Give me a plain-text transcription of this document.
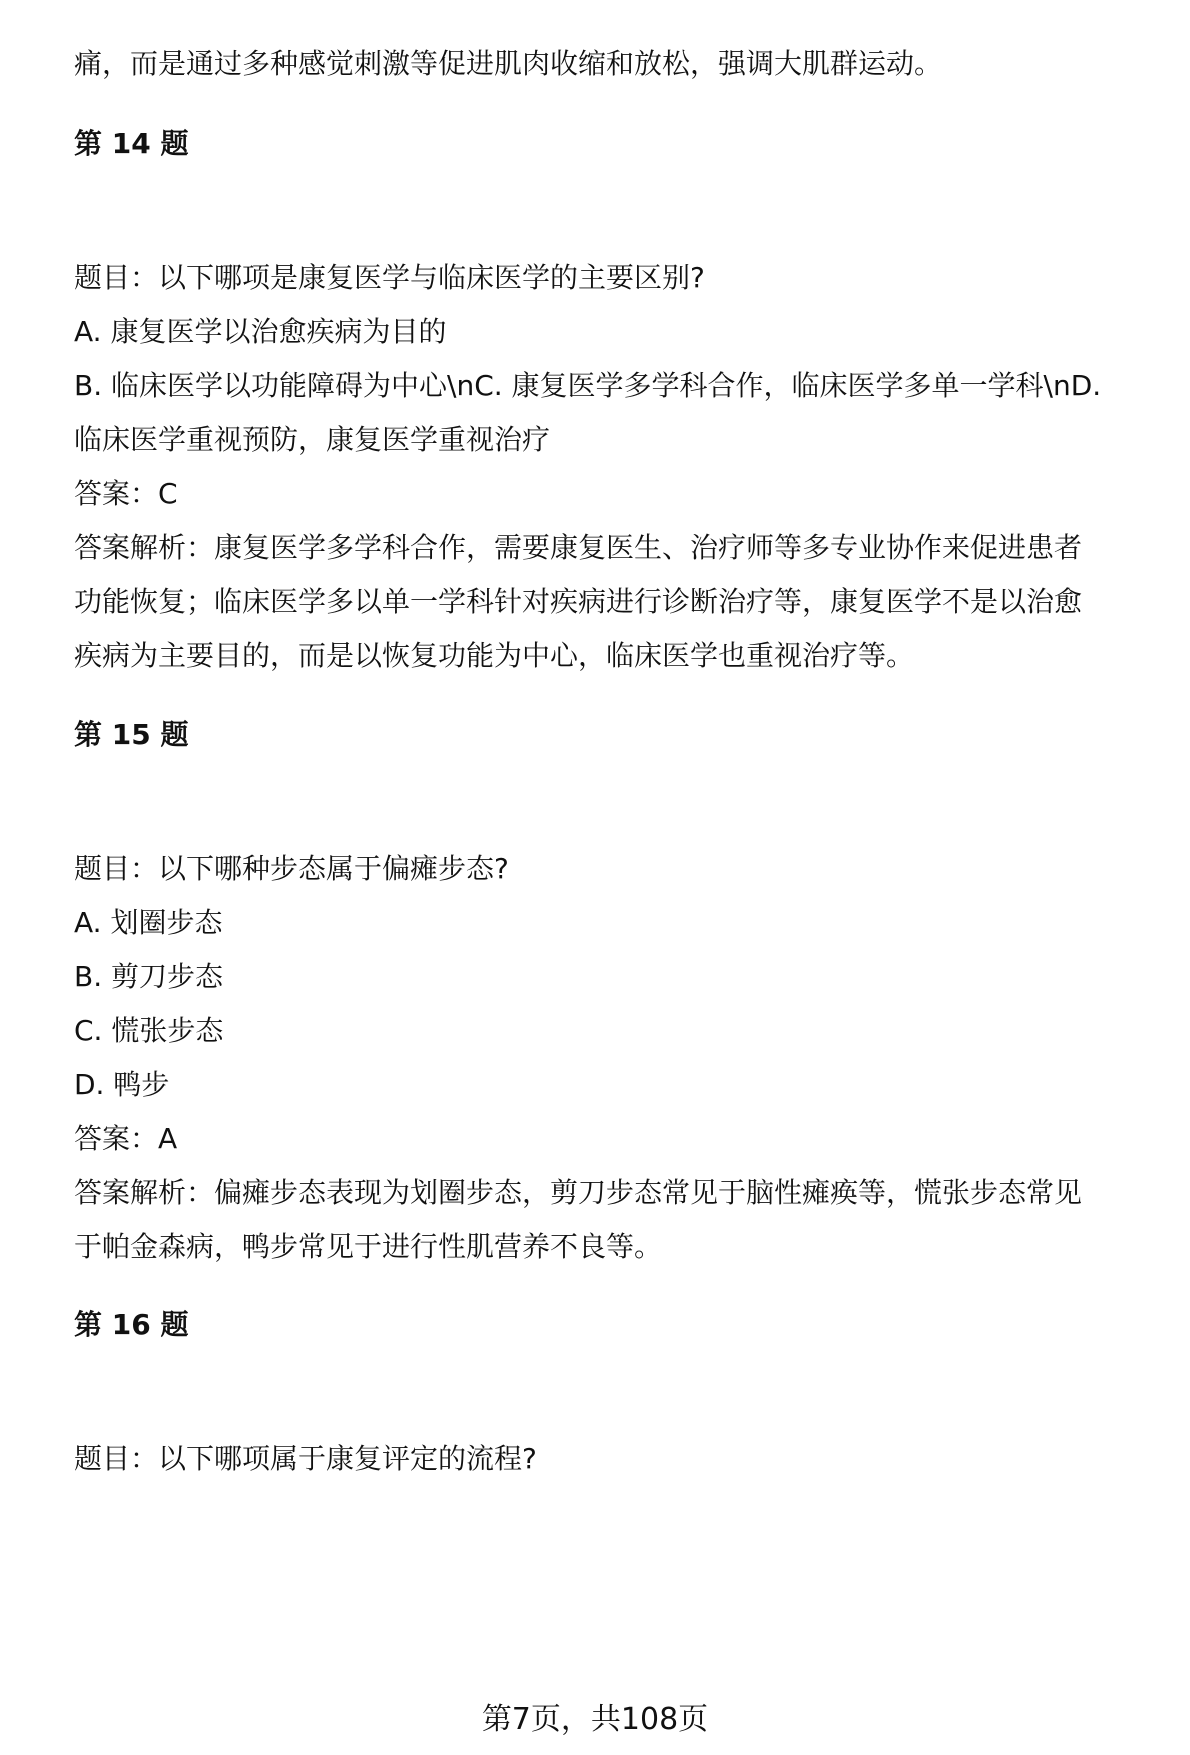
痛，而是通过多种感觉刺激等促进肌肉收缩和放松，强调大肌群运动。
第 14 题
题目：以下哪项是康复医学与临床医学的主要区别?
A. 康复医学以治愈疾病为目的
B. 临床医学以功能障碍为中心\nC. 康复医学多学科合作，临床医学多单一学科\nD.
临床医学重视预防，康复医学重视治疗
答案：C
答案解析：康复医学多学科合作，需要康复医生、治疗师等多专业协作来促进患者
功能恢复；临床医学多以单一学科针对疾病进行诊断治疗等，康复医学不是以治愈
疾病为主要目的，而是以恢复功能为中心，临床医学也重视治疗等。
第 15 题
题目：以下哪种步态属于偏瘫步态?
A. 划圈步态
B. 剪刀步态
C. 慌张步态
D. 鸭步
答案：A
答案解析：偏瘫步态表现为划圈步态，剪刀步态常见于脑性瘫痪等，慌张步态常见
于帕金森病，鸭步常见于进行性肌营养不良等。
第 16 题
题目：以下哪项属于康复评定的流程?
第7页，共108页
